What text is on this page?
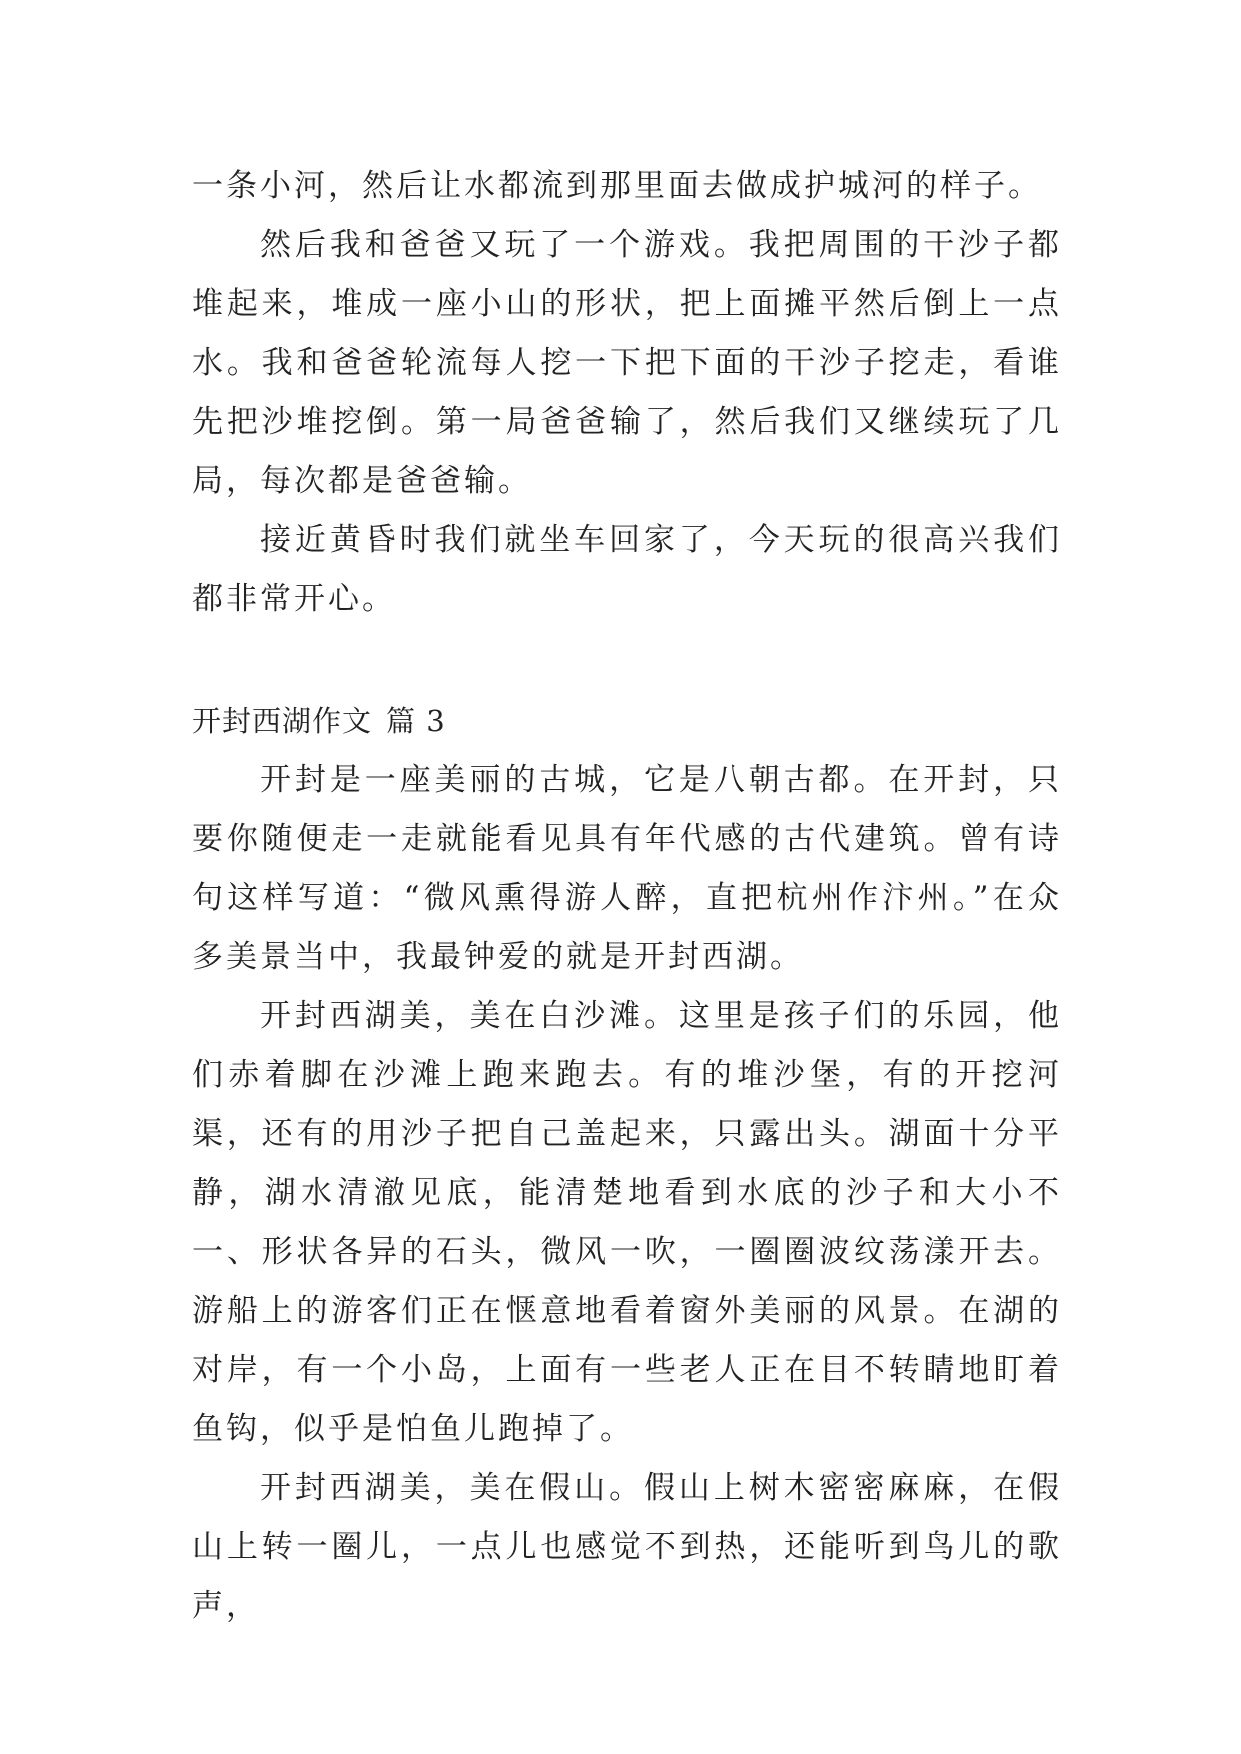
一条小河，然后让水都流到那里面去做成护城河的样子。

然后我和爸爸又玩了一个游戏。我把周围的干沙子都堆起来，堆成一座小山的形状，把上面摊平然后倒上一点水。我和爸爸轮流每人挖一下把下面的干沙子挖走，看谁先把沙堆挖倒。第一局爸爸输了，然后我们又继续玩了几局，每次都是爸爸输。

接近黄昏时我们就坐车回家了，今天玩的很高兴我们都非常开心。

开封西湖作文 篇 3

开封是一座美丽的古城，它是八朝古都。在开封，只要你随便走一走就能看见具有年代感的古代建筑。曾有诗句这样写道：“微风熏得游人醉，直把杭州作汴州。”在众多美景当中，我最钟爱的就是开封西湖。

开封西湖美，美在白沙滩。这里是孩子们的乐园，他们赤着脚在沙滩上跑来跑去。有的堆沙堡，有的开挖河渠，还有的用沙子把自己盖起来，只露出头。湖面十分平静，湖水清澈见底，能清楚地看到水底的沙子和大小不一、形状各异的石头，微风一吹，一圈圈波纹荡漾开去。游船上的游客们正在惬意地看着窗外美丽的风景。在湖的对岸，有一个小岛，上面有一些老人正在目不转睛地盯着鱼钩，似乎是怕鱼儿跑掉了。

开封西湖美，美在假山。假山上树木密密麻麻，在假山上转一圈儿，一点儿也感觉不到热，还能听到鸟儿的歌声，
